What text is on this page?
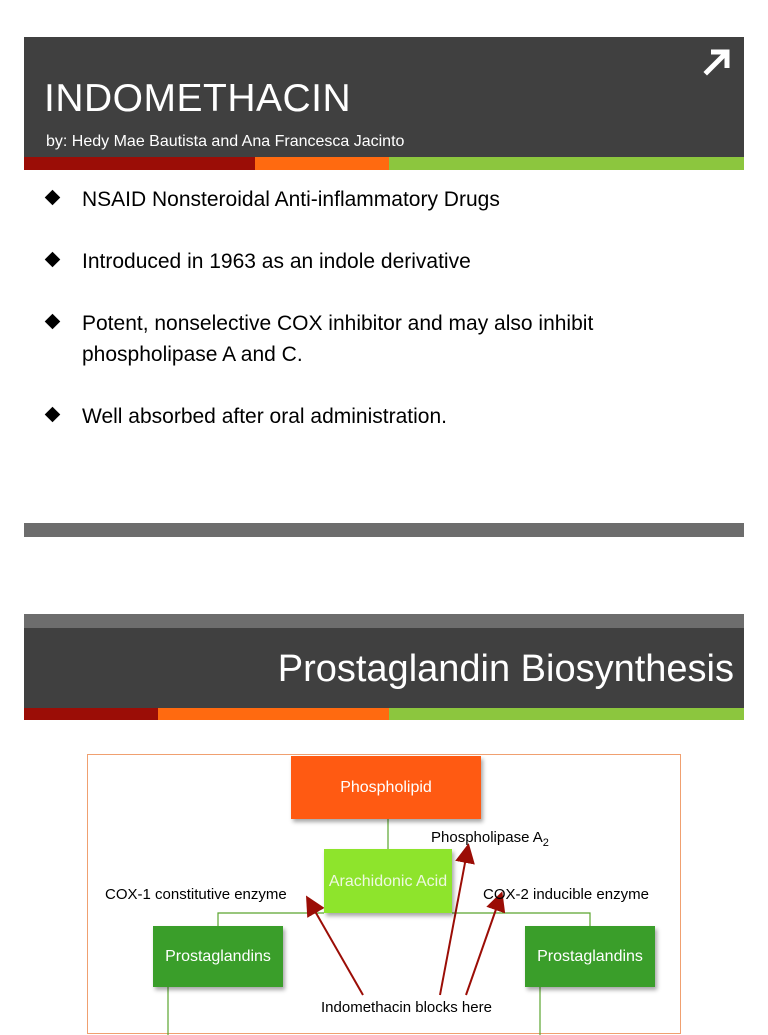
INDOMETHACIN
by: Hedy Mae Bautista and Ana Francesca Jacinto
NSAID Nonsteroidal Anti-inflammatory Drugs
Introduced in 1963 as an indole derivative
Potent, nonselective COX inhibitor and may also inhibit phospholipase A and C.
Well absorbed after oral administration.
Prostaglandin Biosynthesis
Phospholipid
Arachidonic Acid
Prostaglandins	Prostaglandins
Phospholipase $A_2$
COX-1 constitutive enzyme	COX-2 inducible enzyme
Indomethacin blocks here
